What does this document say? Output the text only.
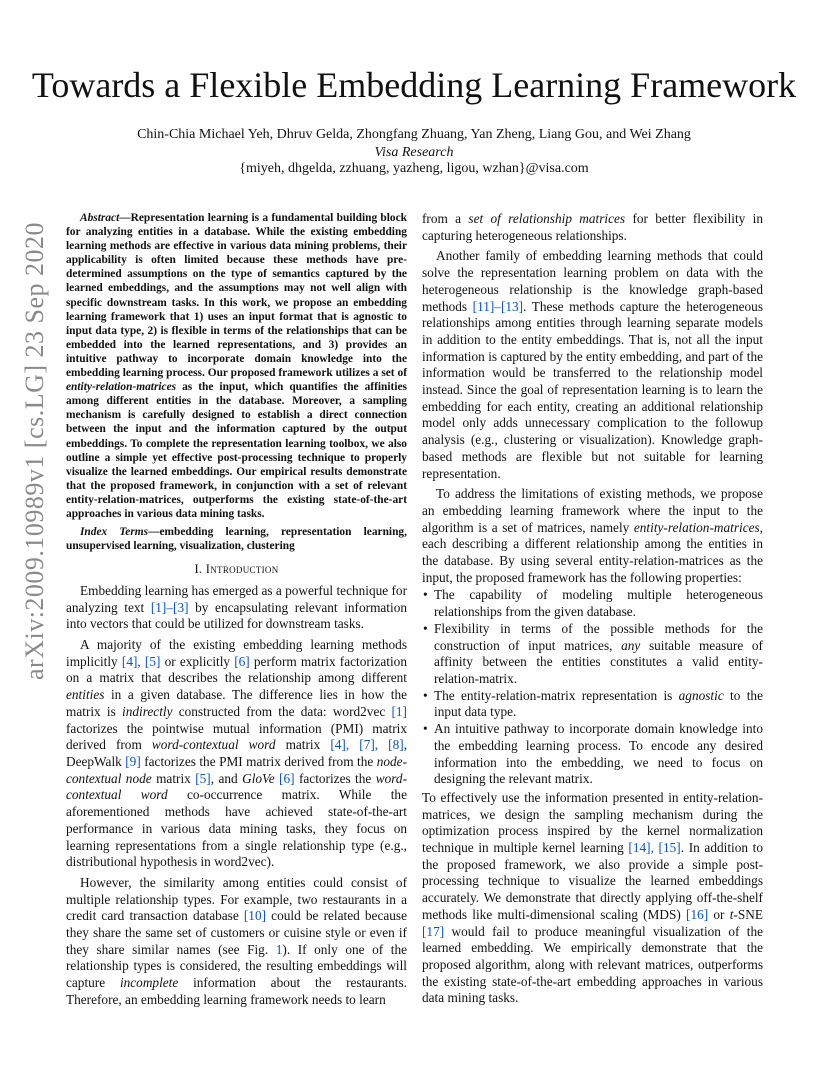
arXiv:2009.10989v1 [cs.LG] 23 Sep 2020
Towards a Flexible Embedding Learning Framework
Chin-Chia Michael Yeh, Dhruv Gelda, Zhongfang Zhuang, Yan Zheng, Liang Gou, and Wei Zhang
Visa Research
{miyeh, dhgelda, zzhuang, yazheng, ligou, wzhan}@visa.com

Abstract—Representation learning is a fundamental building block for analyzing entities in a database. While the existing embedding learning methods are effective in various data mining problems, their applicability is often limited because these methods have pre-determined assumptions on the type of semantics captured by the learned embeddings, and the assumptions may not well align with specific downstream tasks. In this work, we propose an embedding learning framework that 1) uses an input format that is agnostic to input data type, 2) is flexible in terms of the relationships that can be embedded into the learned representations, and 3) provides an intuitive pathway to incorporate domain knowledge into the embedding learning process. Our proposed framework utilizes a set of entity-relation-matrices as the input, which quantifies the affinities among different entities in the database. Moreover, a sampling mechanism is carefully designed to establish a direct connection between the input and the information captured by the output embeddings. To complete the representation learning toolbox, we also outline a simple yet effective post-processing technique to properly visualize the learned embeddings. Our empirical results demonstrate that the proposed framework, in conjunction with a set of relevant entity-relation-matrices, outperforms the existing state-of-the-art approaches in various data mining tasks.

Index Terms—embedding learning, representation learning, unsupervised learning, visualization, clustering

I. Introduction

Embedding learning has emerged as a powerful technique for analyzing text [1]–[3] by encapsulating relevant information into vectors that could be utilized for downstream tasks.

A majority of the existing embedding learning methods implicitly [4], [5] or explicitly [6] perform matrix factorization on a matrix that describes the relationship among different entities in a given database. The difference lies in how the matrix is indirectly constructed from the data: word2vec [1] factorizes the pointwise mutual information (PMI) matrix derived from word-contextual word matrix [4], [7], [8], DeepWalk [9] factorizes the PMI matrix derived from the node-contextual node matrix [5], and GloVe [6] factorizes the word-contextual word co-occurrence matrix. While the aforementioned methods have achieved state-of-the-art performance in various data mining tasks, they focus on learning representations from a single relationship type (e.g., distributional hypothesis in word2vec).

However, the similarity among entities could consist of multiple relationship types. For example, two restaurants in a credit card transaction database [10] could be related because they share the same set of customers or cuisine style or even if they share similar names (see Fig. 1). If only one of the relationship types is considered, the resulting embeddings will capture incomplete information about the restaurants. Therefore, an embedding learning framework needs to learn

from a set of relationship matrices for better flexibility in capturing heterogeneous relationships.

Another family of embedding learning methods that could solve the representation learning problem on data with the heterogeneous relationship is the knowledge graph-based methods [11]–[13]. These methods capture the heterogeneous relationships among entities through learning separate models in addition to the entity embeddings. That is, not all the input information is captured by the entity embedding, and part of the information would be transferred to the relationship model instead. Since the goal of representation learning is to learn the embedding for each entity, creating an additional relationship model only adds unnecessary complication to the followup analysis (e.g., clustering or visualization). Knowledge graph-based methods are flexible but not suitable for learning representation.

To address the limitations of existing methods, we propose an embedding learning framework where the input to the algorithm is a set of matrices, namely entity-relation-matrices, each describing a different relationship among the entities in the database. By using several entity-relation-matrices as the input, the proposed framework has the following properties:

• The capability of modeling multiple heterogeneous relationships from the given database.
• Flexibility in terms of the possible methods for the construction of input matrices, any suitable measure of affinity between the entities constitutes a valid entity-relation-matrix.
• The entity-relation-matrix representation is agnostic to the input data type.
• An intuitive pathway to incorporate domain knowledge into the embedding learning process. To encode any desired information into the embedding, we need to focus on designing the relevant matrix.

To effectively use the information presented in entity-relation-matrices, we design the sampling mechanism during the optimization process inspired by the kernel normalization technique in multiple kernel learning [14], [15]. In addition to the proposed framework, we also provide a simple post-processing technique to visualize the learned embeddings accurately. We demonstrate that directly applying off-the-shelf methods like multi-dimensional scaling (MDS) [16] or t-SNE [17] would fail to produce meaningful visualization of the learned embedding. We empirically demonstrate that the proposed algorithm, along with relevant matrices, outperforms the existing state-of-the-art embedding approaches in various data mining tasks.
